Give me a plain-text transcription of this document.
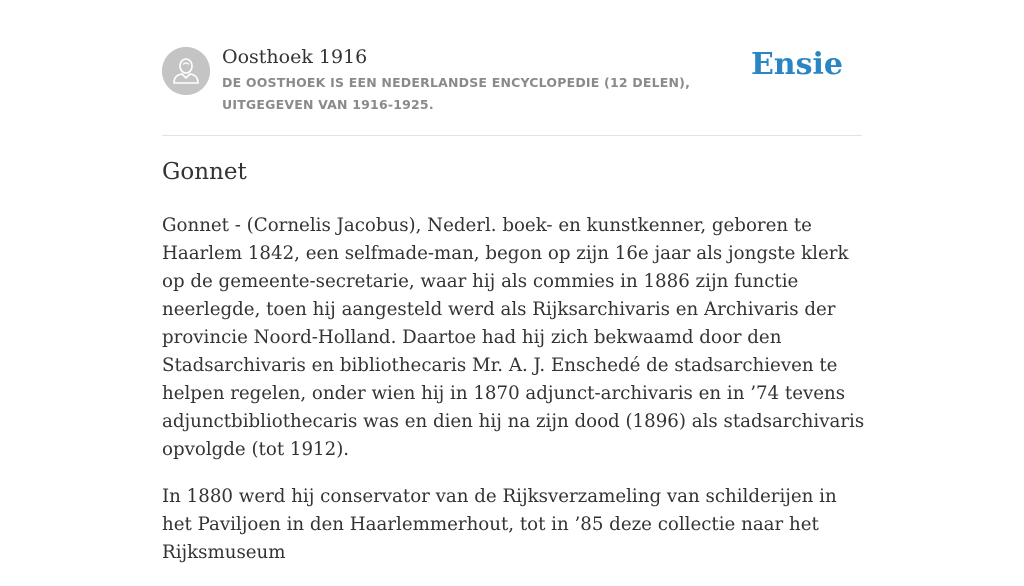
Oosthoek 1916
DE OOSTHOEK IS EEN NEDERLANDSE ENCYCLOPEDIE (12 DELEN), UITGEGEVEN VAN 1916-1925.
Ensie
Gonnet

Gonnet - (Cornelis Jacobus), Nederl. boek- en kunstkenner, geboren te Haarlem 1842, een selfmade-man, begon op zijn 16e jaar als jongste klerk op de gemeente-secretarie, waar hij als commies in 1886 zijn functie neerlegde, toen hij aangesteld werd als Rijksarchivaris en Archivaris der provincie Noord-Holland. Daartoe had hij zich bekwaamd door den Stadsarchivaris en bibliothecaris Mr. A. J. Enschedé de stadsarchieven te helpen regelen, onder wien hij in 1870 adjunct-archivaris en in ’74 tevens adjunctbibliothecaris was en dien hij na zijn dood (1896) als stadsarchivaris opvolgde (tot 1912).

In 1880 werd hij conservator van de Rijksverzameling van schilderijen in het Paviljoen in den Haarlemmerhout, tot in ’85 deze collectie naar het Rijksmuseum
